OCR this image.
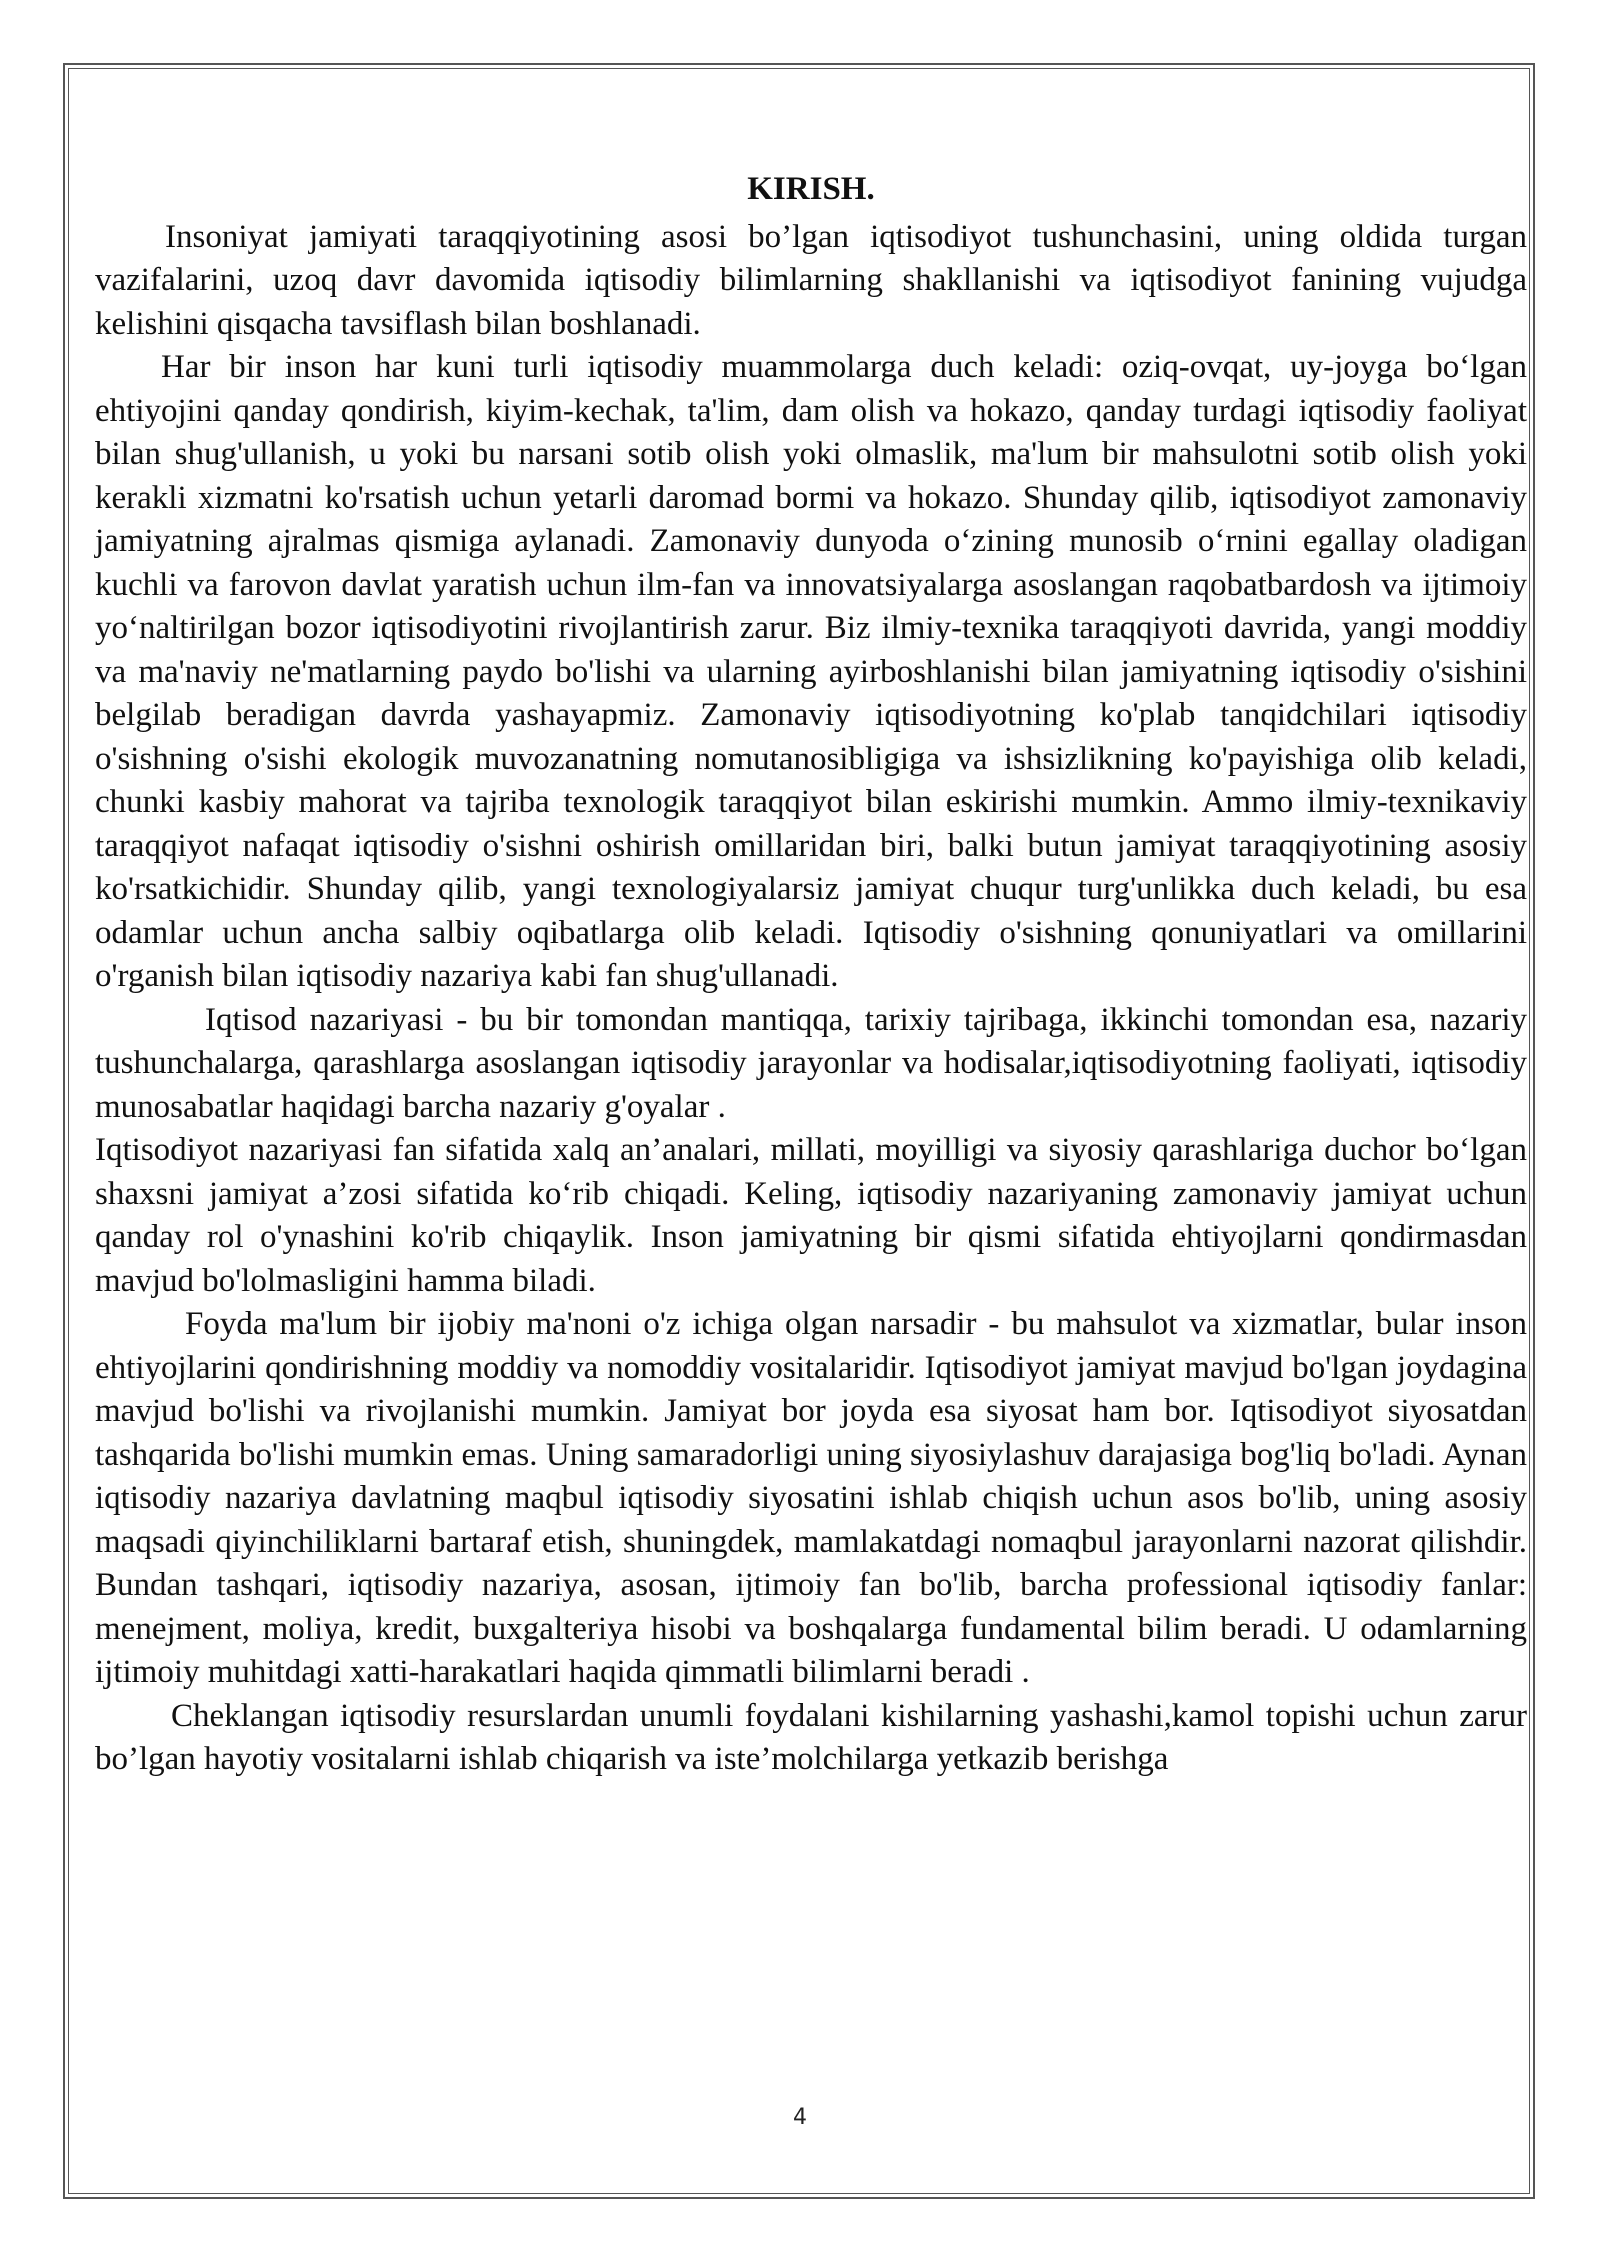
KIRISH.

Insoniyat jamiyati taraqqiyotining asosi bo’lgan iqtisodiyot tushunchasini, uning oldida turgan vazifalarini, uzoq davr davomida iqtisodiy bilimlarning shakllanishi va iqtisodiyot fanining vujudga kelishini qisqacha tavsiflash bilan boshlanadi.

Har bir inson har kuni turli iqtisodiy muammolarga duch keladi: oziq-ovqat, uy-joyga bo‘lgan ehtiyojini qanday qondirish, kiyim-kechak, ta'lim, dam olish va hokazo, qanday turdagi iqtisodiy faoliyat bilan shug'ullanish, u yoki bu narsani sotib olish yoki olmaslik, ma'lum bir mahsulotni sotib olish yoki kerakli xizmatni ko'rsatish uchun yetarli daromad bormi va hokazo. Shunday qilib, iqtisodiyot zamonaviy jamiyatning ajralmas qismiga aylanadi. Zamonaviy dunyoda o‘zining munosib o‘rnini egallay oladigan kuchli va farovon davlat yaratish uchun ilm-fan va innovatsiyalarga asoslangan raqobatbardosh va ijtimoiy yo‘naltirilgan bozor iqtisodiyotini rivojlantirish zarur. Biz ilmiy-texnika taraqqiyoti davrida, yangi moddiy va ma'naviy ne'matlarning paydo bo'lishi va ularning ayirboshlanishi bilan jamiyatning iqtisodiy o'sishini belgilab beradigan davrda yashayapmiz. Zamonaviy iqtisodiyotning ko'plab tanqidchilari iqtisodiy o'sishning o'sishi ekologik muvozanatning nomutanosibligiga va ishsizlikning ko'payishiga olib keladi, chunki kasbiy mahorat va tajriba texnologik taraqqiyot bilan eskirishi mumkin. Ammo ilmiy-texnikaviy taraqqiyot nafaqat iqtisodiy o'sishni oshirish omillaridan biri, balki butun jamiyat taraqqiyotining asosiy ko'rsatkichidir. Shunday qilib, yangi texnologiyalarsiz jamiyat chuqur turg'unlikka duch keladi, bu esa odamlar uchun ancha salbiy oqibatlarga olib keladi. Iqtisodiy o'sishning qonuniyatlari va omillarini o'rganish bilan iqtisodiy nazariya kabi fan shug'ullanadi.

Iqtisod nazariyasi - bu bir tomondan mantiqqa, tarixiy tajribaga, ikkinchi tomondan esa, nazariy tushunchalarga, qarashlarga asoslangan iqtisodiy jarayonlar va hodisalar,iqtisodiyotning faoliyati, iqtisodiy munosabatlar haqidagi barcha nazariy g'oyalar .

Iqtisodiyot nazariyasi fan sifatida xalq an’analari, millati, moyilligi va siyosiy qarashlariga duchor bo‘lgan shaxsni jamiyat a’zosi sifatida ko‘rib chiqadi. Keling, iqtisodiy nazariyaning zamonaviy jamiyat uchun qanday rol o'ynashini ko'rib chiqaylik. Inson jamiyatning bir qismi sifatida ehtiyojlarni qondirmasdan mavjud bo'lolmasligini hamma biladi.

Foyda ma'lum bir ijobiy ma'noni o'z ichiga olgan narsadir - bu mahsulot va xizmatlar, bular inson ehtiyojlarini qondirishning moddiy va nomoddiy vositalaridir. Iqtisodiyot jamiyat mavjud bo'lgan joydagina mavjud bo'lishi va rivojlanishi mumkin. Jamiyat bor joyda esa siyosat ham bor. Iqtisodiyot siyosatdan tashqarida bo'lishi mumkin emas. Uning samaradorligi uning siyosiylashuv darajasiga bog'liq bo'ladi. Aynan iqtisodiy nazariya davlatning maqbul iqtisodiy siyosatini ishlab chiqish uchun asos bo'lib, uning asosiy maqsadi qiyinchiliklarni bartaraf etish, shuningdek, mamlakatdagi nomaqbul jarayonlarni nazorat qilishdir. Bundan tashqari, iqtisodiy nazariya, asosan, ijtimoiy fan bo'lib, barcha professional iqtisodiy fanlar: menejment, moliya, kredit, buxgalteriya hisobi va boshqalarga fundamental bilim beradi. U odamlarning ijtimoiy muhitdagi xatti-harakatlari haqida qimmatli bilimlarni beradi .

Cheklangan iqtisodiy resurslardan unumli foydalani kishilarning yashashi,kamol topishi uchun zarur bo’lgan hayotiy vositalarni ishlab chiqarish va iste’molchilarga yetkazib berishga

4
